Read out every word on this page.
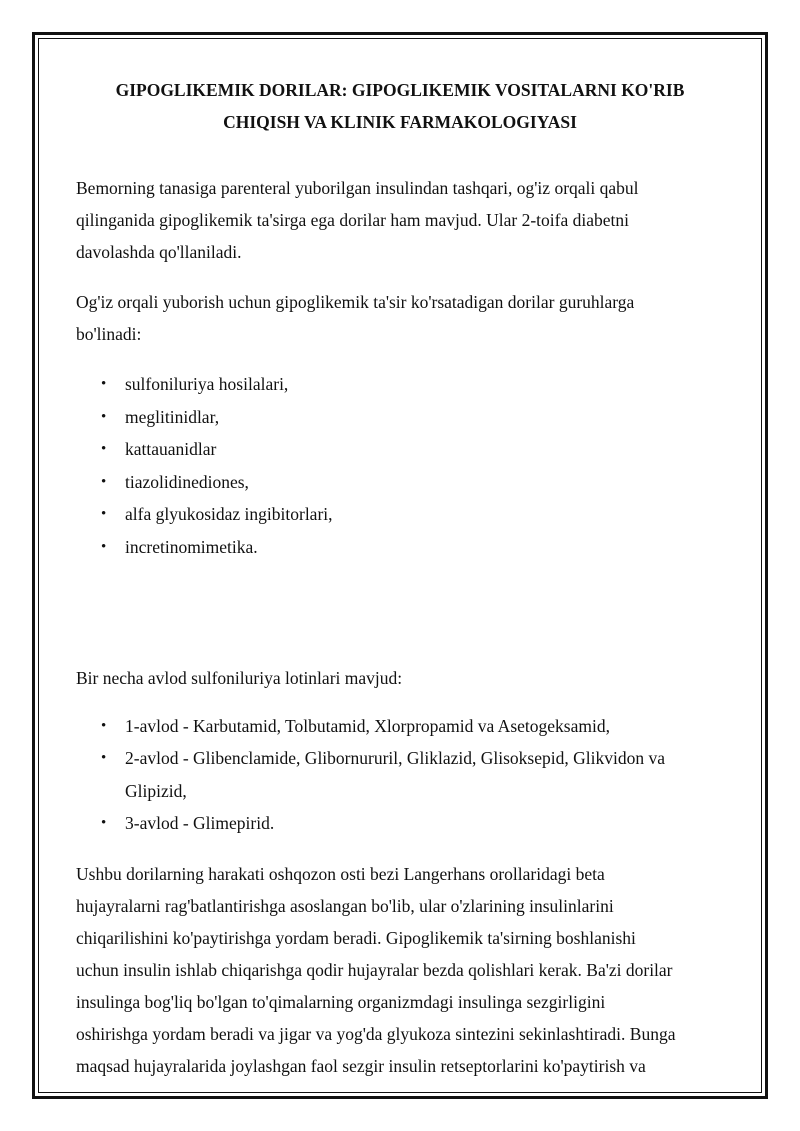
GIPOGLIKEMIK DORILAR: GIPOGLIKEMIK VOSITALARNI KO'RIB
CHIQISH VA KLINIK FARMAKOLOGIYASI

Bemorning tanasiga parenteral yuborilgan insulindan tashqari, og'iz orqali qabul
qilinganida gipoglikemik ta'sirga ega dorilar ham mavjud. Ular 2-toifa diabetni
davolashda qo'llaniladi.

Og'iz orqali yuborish uchun gipoglikemik ta'sir ko'rsatadigan dorilar guruhlarga
bo'linadi:

• sulfoniluriya hosilalari,
• meglitinidlar,
• kattauanidlar
• tiazolidinediones,
• alfa glyukosidaz ingibitorlari,
• incretinomimetika.

Bir necha avlod sulfoniluriya lotinlari mavjud:

• 1-avlod - Karbutamid, Tolbutamid, Xlorpropamid va Asetogeksamid,
• 2-avlod - Glibenclamide, Glibornururil, Gliklazid, Glisoksepid, Glikvidon va
Glipizid,
• 3-avlod - Glimepirid.

Ushbu dorilarning harakati oshqozon osti bezi Langerhans orollaridagi beta
hujayralarni rag'batlantirishga asoslangan bo'lib, ular o'zlarining insulinlarini
chiqarilishini ko'paytirishga yordam beradi. Gipoglikemik ta'sirning boshlanishi
uchun insulin ishlab chiqarishga qodir hujayralar bezda qolishlari kerak. Ba'zi dorilar
insulinga bog'liq bo'lgan to'qimalarning organizmdagi insulinga sezgirligini
oshirishga yordam beradi va jigar va yog'da glyukoza sintezini sekinlashtiradi. Bunga
maqsad hujayralarida joylashgan faol sezgir insulin retseptorlarini ko'paytirish va
